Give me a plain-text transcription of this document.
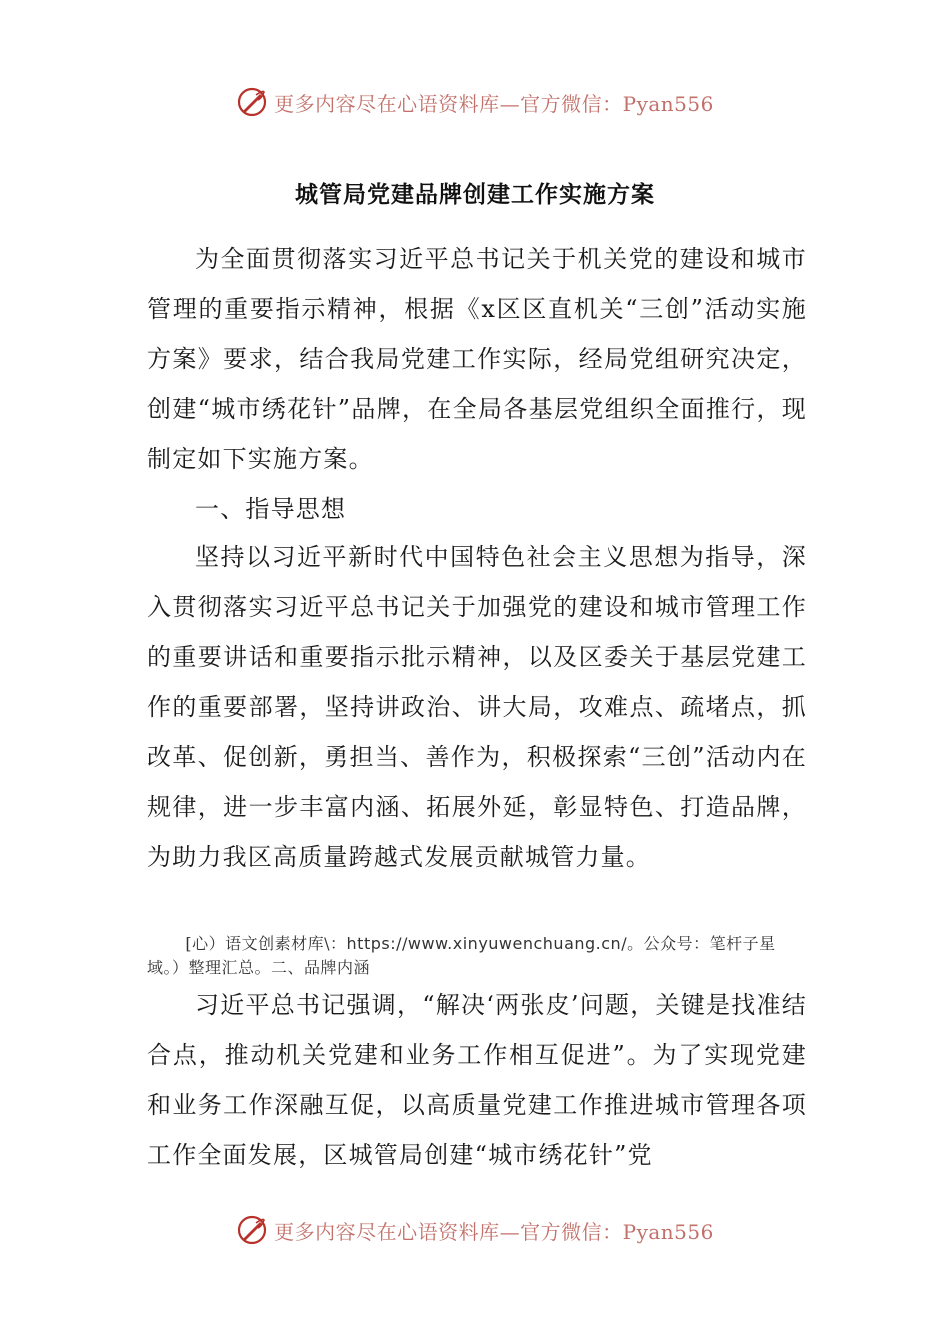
更多内容尽在心语资料库—官方微信：Pyan556
城管局党建品牌创建工作实施方案

为全面贯彻落实习近平总书记关于机关党的建设和城市管理的重要指示精神，根据《x区区直机关“三创”活动实施方案》要求，结合我局党建工作实际，经局党组研究决定，创建“城市绣花针”品牌，在全局各基层党组织全面推行，现制定如下实施方案。

一、指导思想

坚持以习近平新时代中国特色社会主义思想为指导，深入贯彻落实习近平总书记关于加强党的建设和城市管理工作的重要讲话和重要指示批示精神，以及区委关于基层党建工作的重要部署，坚持讲政治、讲大局，攻难点、疏堵点，抓改革、促创新，勇担当、善作为，积极探索“三创”活动内在规律，进一步丰富内涵、拓展外延，彰显特色、打造品牌，为助力我区高质量跨越式发展贡献城管力量。

[心）语文创素材库\：https://www.xinyuwenchuang.cn/。公众号：笔杆子星域。）整理汇总。二、品牌内涵

习近平总书记强调，“解决‘两张皮’问题，关键是找准结合点，推动机关党建和业务工作相互促进”。为了实现党建和业务工作深融互促，以高质量党建工作推进城市管理各项工作全面发展，区城管局创建“城市绣花针”党

更多内容尽在心语资料库—官方微信：Pyan556
